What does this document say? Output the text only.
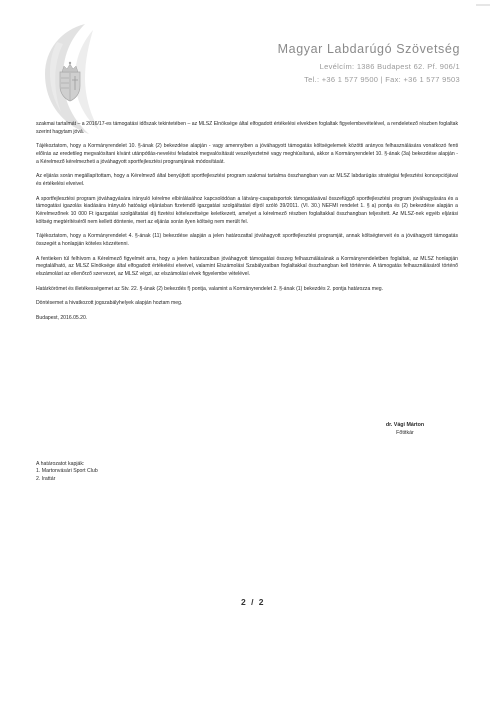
Magyar Labdarúgó Szövetség
Levélcím: 1386 Budapest 62. Pf. 906/1
Tel.: +36 1 577 9500 | Fax: +36 1 577 9503

szakmai tartalmát – a 2016/17-es támogatási időszak tekintetében – az MLSZ Elnöksége által elfogadott értékelési elvekben foglaltak figyelembevételével, a rendeletező részben foglaltak szerint hagytam jóvá.

Tájékoztatom, hogy a Kormányrendelet 10. §-ának (2) bekezdése alapján - vagy amennyiben a jóváhagyott támogatás költségelemek közötti arányos felhasználására vonatkozó fenti előírás az eredetileg megvalósítani kívánt utánpótlás-nevelési feladatok megvalósítását veszélyeztetné vagy meghiúsítaná, akkor a Kormányrendelet 10. §-ának (3a) bekezdése alapján - a Kérelmező kérelmezheti a jóváhagyott sportfejlesztési programjának módosítását.

Az eljárás során megállapítottam, hogy a Kérelmező által benyújtott sportfejlesztési program szakmai tartalma összhangban van az MLSZ labdarúgás stratégiai fejlesztési koncepciójával és értékelési elveivel.

A sportfejlesztési program jóváhagyására irányuló kérelme elbírálásához kapcsolódóan a látvány-csapatsportok támogatásával összefüggő sportfejlesztési program jóváhagyására és a támogatási igazolás kiadására irányuló hatósági eljárásban fizetendő igazgatási szolgáltatási díjról szóló 39/2011. (VI. 30.) NEFMI rendelet 1. § a) pontja és (2) bekezdése alapján a Kérelmezőnek 10 000 Ft igazgatási szolgáltatási díj fizetési kötelezettsége keletkezett, amelyet a kérelmező részben foglaltakkal összhangban teljesített. Az MLSZ-nek egyéb eljárási költség megtérítéséről nem kellett döntenie, mert az eljárás során ilyen költség nem merült fel.

Tájékoztatom, hogy a Kormányrendelet 4. §-ának (11) bekezdése alapján a jelen határozattal jóváhagyott sportfejlesztési programját, annak költségterveit és a jóváhagyott támogatás összegét a honlapján köteles közzétenni.

A fentieken túl felhívom a Kérelmező figyelmét arra, hogy a jelen határozatban jóváhagyott támogatási összeg felhasználásának a Kormányrendeletben foglaltak, az MLSZ honlapján megtalálható, az MLSZ Elnöksége által elfogadott értékelési elveivel, valamint Elszámolási Szabályzatban foglaltakkal összhangban kell történnie. A támogatás felhasználásáról történő elszámolást az ellenőrző szervezet, az MLSZ végzi, az elszámolási elvek figyelembe vételével.

Határkörömet és illetékességemet az Stv. 22. §-ának (2) bekezdés f) pontja, valamint a Kormányrendelet 2. §-ának (1) bekezdés 2. pontja határozza meg.

Döntésemet a hivatkozott jogszabályhelyek alapján hoztam meg.

Budapest, 2016.05.20.

dr. Vági Márton
Főtitkár
A határozatot kapják:
1. Martonvásári Sport Club
2. Irattár
2 / 2
